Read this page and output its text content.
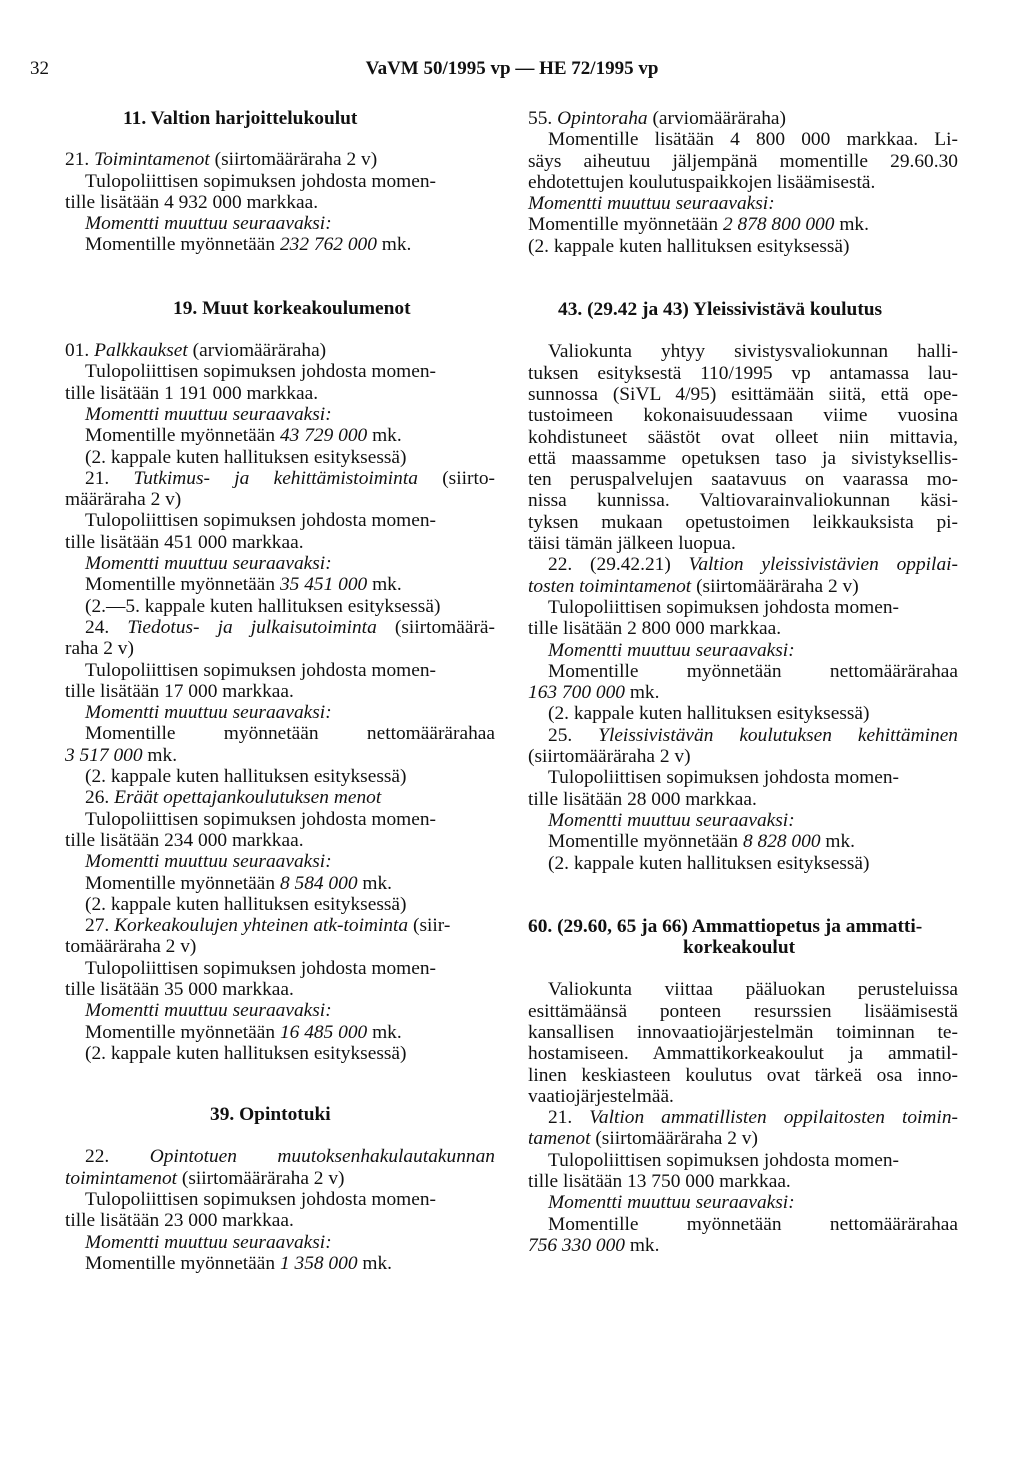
32	VaVM 50/1995 vp — HE 72/1995 vp
11. Valtion harjoittelukoulut
21. Toimintamenot (siirtomääräraha 2 v)
Tulopoliittisen sopimuksen johdosta momen-
tille lisätään 4 932 000 markkaa.
Momentti muuttuu seuraavaksi:
Momentille myönnetään 232 762 000 mk.
19. Muut korkeakoulumenot
01. Palkkaukset (arviomääräraha)
Tulopoliittisen sopimuksen johdosta momen-
tille lisätään 1 191 000 markkaa.
Momentti muuttuu seuraavaksi:
Momentille myönnetään 43 729 000 mk.
(2. kappale kuten hallituksen esityksessä)
21. Tutkimus- ja kehittämistoiminta (siirto-
määräraha 2 v)
Tulopoliittisen sopimuksen johdosta momen-
tille lisätään 451 000 markkaa.
Momentti muuttuu seuraavaksi:
Momentille myönnetään 35 451 000 mk.
(2.—5. kappale kuten hallituksen esityksessä)
24. Tiedotus- ja julkaisutoiminta (siirtomäärä-
raha 2 v)
Tulopoliittisen sopimuksen johdosta momen-
tille lisätään 17 000 markkaa.
Momentti muuttuu seuraavaksi:
Momentille myönnetään nettomäärärahaa
3 517 000 mk.
(2. kappale kuten hallituksen esityksessä)
26. Eräät opettajankoulutuksen menot
Tulopoliittisen sopimuksen johdosta momen-
tille lisätään 234 000 markkaa.
Momentti muuttuu seuraavaksi:
Momentille myönnetään 8 584 000 mk.
(2. kappale kuten hallituksen esityksessä)
27. Korkeakoulujen yhteinen atk-toiminta (siir-
tomääräraha 2 v)
Tulopoliittisen sopimuksen johdosta momen-
tille lisätään 35 000 markkaa.
Momentti muuttuu seuraavaksi:
Momentille myönnetään 16 485 000 mk.
(2. kappale kuten hallituksen esityksessä)
39. Opintotuki
22. Opintotuen muutoksenhakulautakunnan
toimintamenot (siirtomääräraha 2 v)
Tulopoliittisen sopimuksen johdosta momen-
tille lisätään 23 000 markkaa.
Momentti muuttuu seuraavaksi:
Momentille myönnetään 1 358 000 mk.
55. Opintoraha (arviomääräraha)
Momentille lisätään 4 800 000 markkaa. Li-
säys aiheutuu jäljempänä momentille 29.60.30
ehdotettujen koulutuspaikkojen lisäämisestä.
Momentti muuttuu seuraavaksi:
Momentille myönnetään 2 878 800 000 mk.
(2. kappale kuten hallituksen esityksessä)
43. (29.42 ja 43) Yleissivistävä koulutus
Valiokunta yhtyy sivistysvaliokunnan halli-
tuksen esityksestä 110/1995 vp antamassa lau-
sunnossa (SiVL 4/95) esittämään siitä, että ope-
tustoimeen kokonaisuudessaan viime vuosina
kohdistuneet säästöt ovat olleet niin mittavia,
että maassamme opetuksen taso ja sivistyksellis-
ten peruspalvelujen saatavuus on vaarassa mo-
nissa kunnissa. Valtiovarainvaliokunnan käsi-
tyksen mukaan opetustoimen leikkauksista pi-
täisi tämän jälkeen luopua.
22. (29.42.21) Valtion yleissivistävien oppilai-
tosten toimintamenot (siirtomääräraha 2 v)
Tulopoliittisen sopimuksen johdosta momen-
tille lisätään 2 800 000 markkaa.
Momentti muuttuu seuraavaksi:
Momentille myönnetään nettomäärärahaa
163 700 000 mk.
(2. kappale kuten hallituksen esityksessä)
25. Yleissivistävän koulutuksen kehittäminen
(siirtomääräraha 2 v)
Tulopoliittisen sopimuksen johdosta momen-
tille lisätään 28 000 markkaa.
Momentti muuttuu seuraavaksi:
Momentille myönnetään 8 828 000 mk.
(2. kappale kuten hallituksen esityksessä)
60. (29.60, 65 ja 66) Ammattiopetus ja ammatti-
korkeakoulut
Valiokunta viittaa pääluokan perusteluissa
esittämäänsä ponteen resurssien lisäämisestä
kansallisen innovaatiojärjestelmän toiminnan te-
hostamiseen. Ammattikorkeakoulut ja ammatil-
linen keskiasteen koulutus ovat tärkeä osa inno-
vaatiojärjestelmää.
21. Valtion ammatillisten oppilaitosten toimin-
tamenot (siirtomääräraha 2 v)
Tulopoliittisen sopimuksen johdosta momen-
tille lisätään 13 750 000 markkaa.
Momentti muuttuu seuraavaksi:
Momentille myönnetään nettomäärärahaa
756 330 000 mk.
